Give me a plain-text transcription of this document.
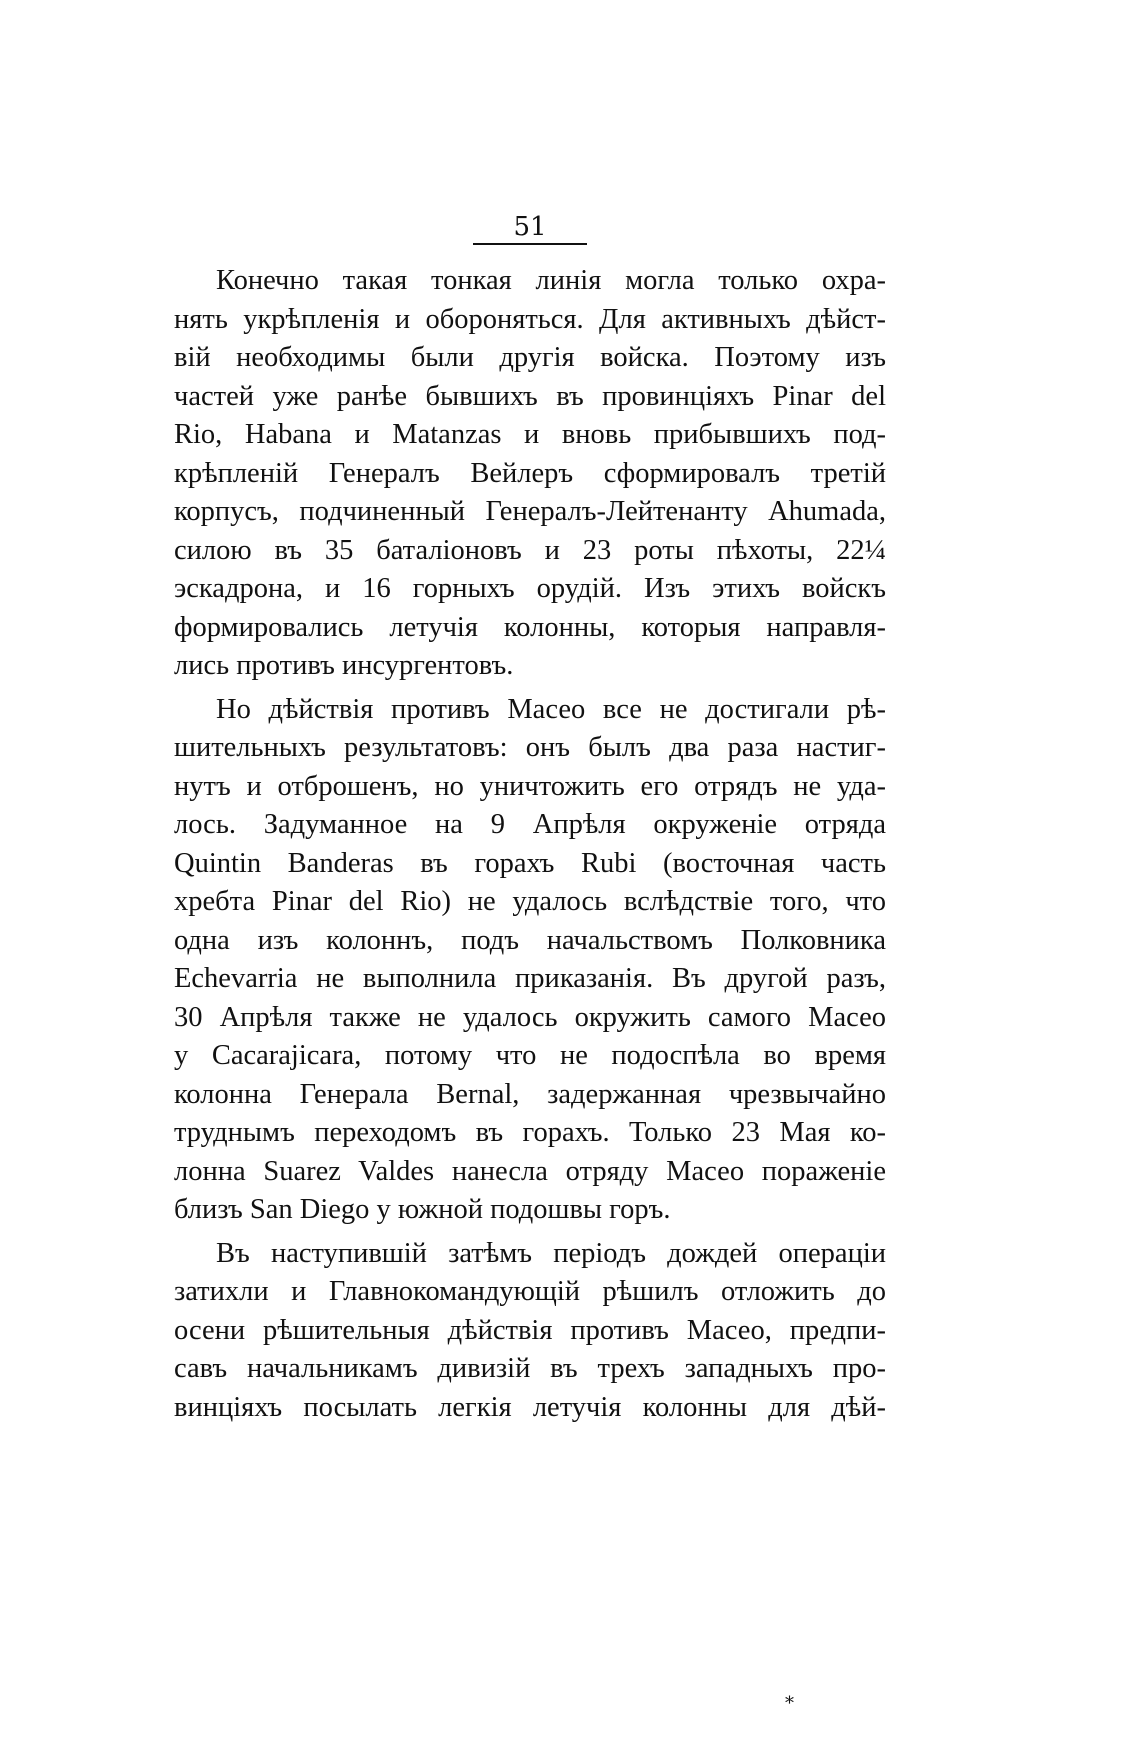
51
Конечно такая тонкая линія могла только охра-
нять укрѣпленія и обороняться. Для активныхъ дѣйст-
вій необходимы были другія войска. Поэтому изъ
частей уже ранѣе бывшихъ въ провинціяхъ Pinar del
Rio, Habana и Matanzas и вновь прибывшихъ под-
крѣпленій Генералъ Вейлеръ сформировалъ третій
корпусъ, подчиненный Генералъ-Лейтенанту Ahumada,
силою въ 35 баталіоновъ и 23 роты пѣхоты, 22¼
эскадрона, и 16 горныхъ орудій. Изъ этихъ войскъ
формировались летучія колонны, которыя направля-
лись противъ инсургентовъ.
Но дѣйствія противъ Масео все не достигали рѣ-
шительныхъ результатовъ: онъ былъ два раза настиг-
нутъ и отброшенъ, но уничтожить его отрядъ не уда-
лось. Задуманное на 9 Апрѣля окруженіе отряда
Quintin Banderas въ горахъ Rubi (восточная часть
хребта Pinar del Rio) не удалось вслѣдствіе того, что
одна изъ колоннъ, подъ начальствомъ Полковника
Echevarria не выполнила приказанія. Въ другой разъ,
30 Апрѣля также не удалось окружить самого Масео
у Cacarajicara, потому что не подоспѣла во время
колонна Генерала Bernal, задержанная чрезвычайно
труднымъ переходомъ въ горахъ. Только 23 Мая ко-
лонна Suarez Valdes нанесла отряду Масео пораженіе
близъ San Diego у южной подошвы горъ.
Въ наступившій затѣмъ періодъ дождей операціи
затихли и Главнокомандующій рѣшилъ отложить до
осени рѣшительныя дѣйствія противъ Масео, предпи-
савъ начальникамъ дивизій въ трехъ западныхъ про-
винціяхъ посылать легкія летучія колонны для дѣй-
*
